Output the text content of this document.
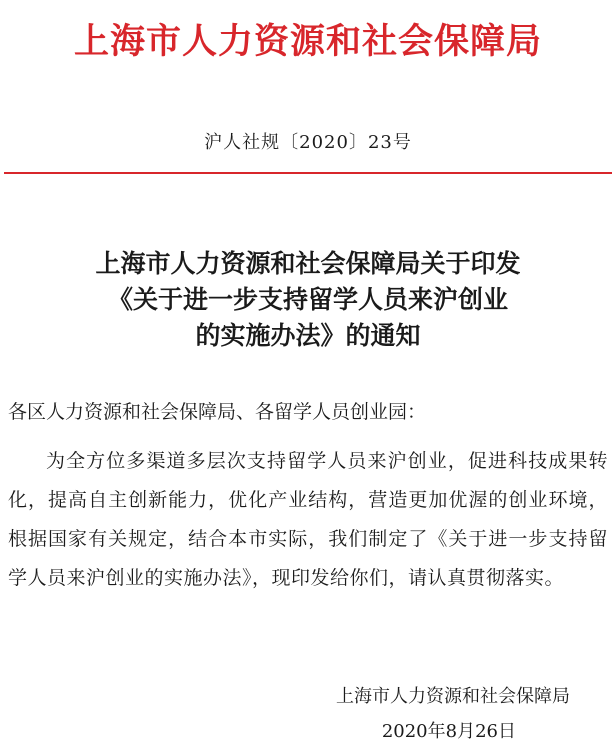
上海市人力资源和社会保障局
沪人社规〔2020〕23号
上海市人力资源和社会保障局关于印发
《关于进一步支持留学人员来沪创业
的实施办法》的通知
各区人力资源和社会保障局、各留学人员创业园：
为全方位多渠道多层次支持留学人员来沪创业，促进科技成果转化，提高自主创新能力，优化产业结构，营造更加优渥的创业环境，根据国家有关规定，结合本市实际，我们制定了《关于进一步支持留学人员来沪创业的实施办法》，现印发给你们，请认真贯彻落实。
上海市人力资源和社会保障局
2020年8月26日
